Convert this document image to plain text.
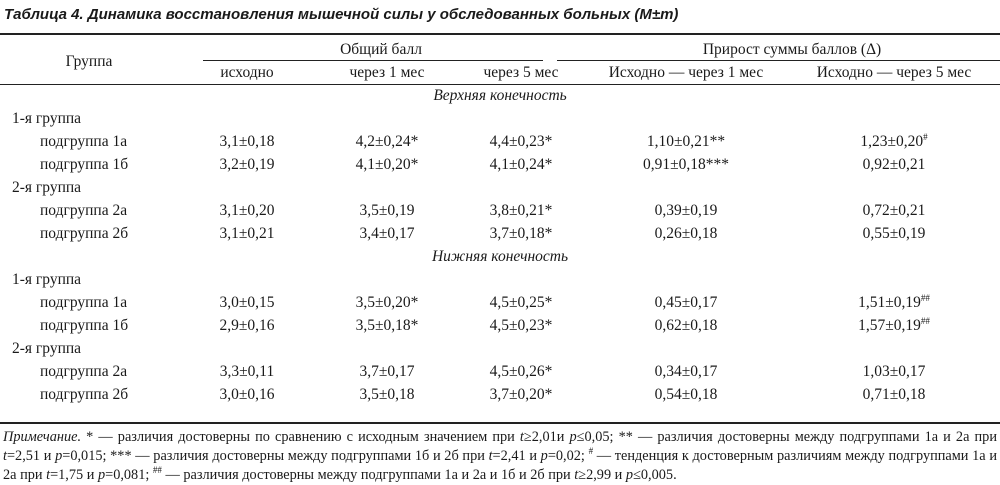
Таблица 4. Динамика восстановления мышечной силы у обследованных больных (M±m)
Группа	Общий балл			Прирост суммы баллов (Δ)	
	исходно	через 1 мес	через 5 мес	Исходно — через 1 мес	Исходно — через 5 мес
Верхняя конечность					
1-я группа					
подгруппа 1а	3,1±0,18	4,2±0,24*	4,4±0,23*	1,10±0,21**	1,23±0,20#
подгруппа 1б	3,2±0,19	4,1±0,20*	4,1±0,24*	0,91±0,18***	0,92±0,21
2-я группа					
подгруппа 2а	3,1±0,20	3,5±0,19	3,8±0,21*	0,39±0,19	0,72±0,21
подгруппа 2б	3,1±0,21	3,4±0,17	3,7±0,18*	0,26±0,18	0,55±0,19
Нижняя конечность					
1-я группа					
подгруппа 1а	3,0±0,15	3,5±0,20*	4,5±0,25*	0,45±0,17	1,51±0,19##
подгруппа 1б	2,9±0,16	3,5±0,18*	4,5±0,23*	0,62±0,18	1,57±0,19##
2-я группа					
подгруппа 2а	3,3±0,11	3,7±0,17	4,5±0,26*	0,34±0,17	1,03±0,17
подгруппа 2б	3,0±0,16	3,5±0,18	3,7±0,20*	0,54±0,18	0,71±0,18
Примечание. * — различия достоверны по сравнению с исходным значением при t≥2,01и p≤0,05; ** — различия достоверны между подгруппами 1а и 2а при t=2,51 и p=0,015; *** — различия достоверны между подгруппами 1б и 2б при t=2,41 и p=0,02; # — тенденция к достоверным различиям между подгруппами 1а и 2а при t=1,75 и p=0,081; ## — различия достоверны между подгруппами 1а и 2а и 1б и 2б при t≥2,99 и p≤0,005.
